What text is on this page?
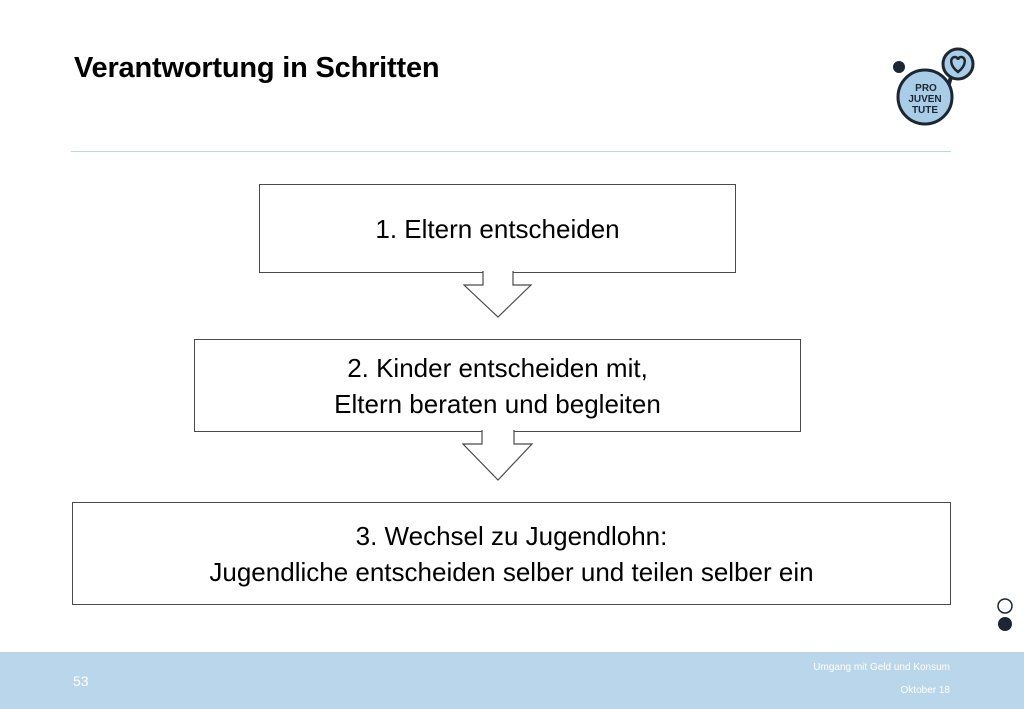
Verantwortung in Schritten
PRO
JUVEN
TUTE
1. Eltern entscheiden
2. Kinder entscheiden mit,
Eltern beraten und begleiten
3. Wechsel zu Jugendlohn:
Jugendliche entscheiden selber und teilen selber ein
53
Umgang mit Geld und Konsum
Oktober 18
